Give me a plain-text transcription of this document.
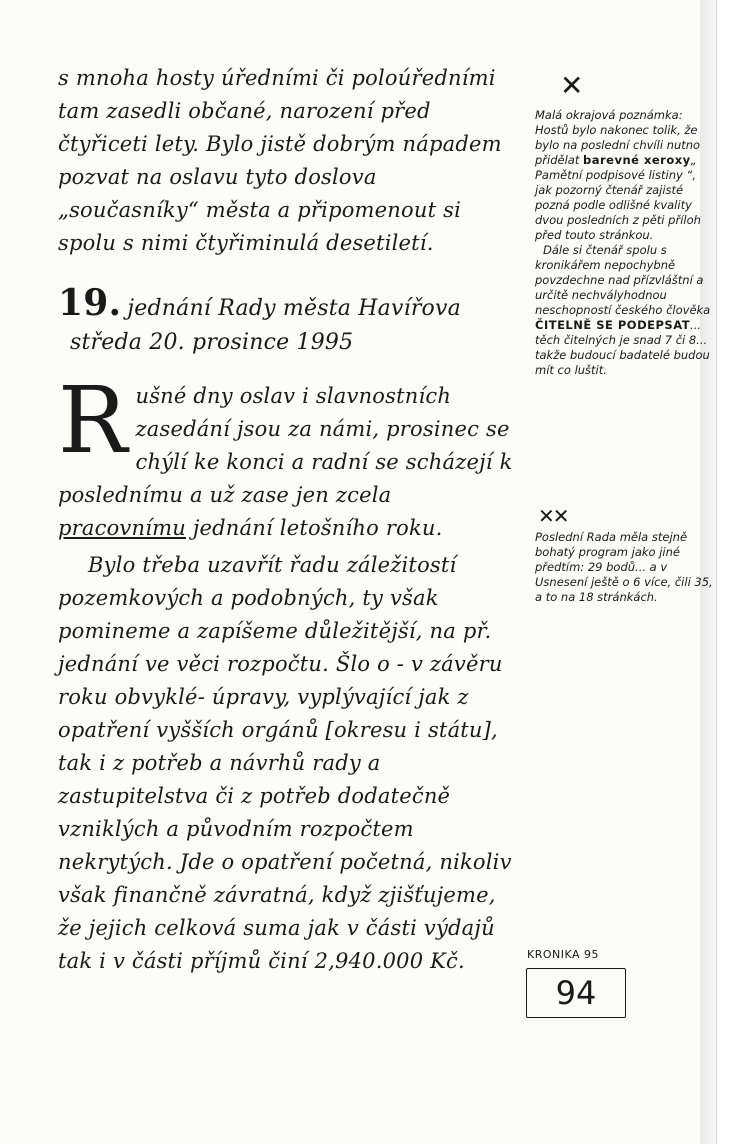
s mnoha hosty úředními či poloúředními tam zasedli občané, narození před čtyřiceti lety. Bylo jistě dobrým nápadem pozvat na oslavu tyto doslova „současníky“ města a připomenout si spolu s nimi čtyřiminulá desetiletí.

19. jednání Rady města Havířova
středa 20. prosince 1995

Rušné dny oslav i slavnostních zasedání jsou za námi, prosinec se chýlí ke konci a radní se scházejí k poslednímu a už zase jen zcela pracovnímu jednání letošního roku.

Bylo třeba uzavřít řadu záležitostí pozemkových a podobných, ty však pomineme a zapíšeme důležitější, na př. jednání ve věci rozpočtu. Šlo o - v závěru roku obvyklé- úpravy, vyplývající jak z opatření vyšších orgánů [okresu i státu], tak i z potřeb a návrhů rady a zastupitelstva či z potřeb dodatečně vzniklých a původním rozpočtem nekrytých. Jde o opatření početná, nikoliv však finančně závratná, když zjišťujeme, že jejich celková suma jak v části výdajů tak i v části příjmů činí 2,940.000 Kč.

✕

Malá okrajová poznámka: Hostů bylo nakonec tolik, že bylo na poslední chvíli nutno přidělat barevné xeroxy„ Pamětní podpisové listiny “, jak pozorný čtenář zajisté pozná podle odlišné kvality dvou posledních z pěti příloh před touto stránkou.

Dále si čtenář spolu s kronikářem nepochybně povzdechne nad přízvláštní a určitě nechvályhodnou neschopností českého člověka ČITELNĚ SE PODEPSAT... těch čitelných je snad 7 či 8... takže budoucí badatelé budou mít co luštit.

✕✕

Poslední Rada měla stejně bohatý program jako jiné předtím: 29 bodů... a v Usnesení ještě o 6 více, čili 35, a to na 18 stránkách.

KRONIKA 95
94
